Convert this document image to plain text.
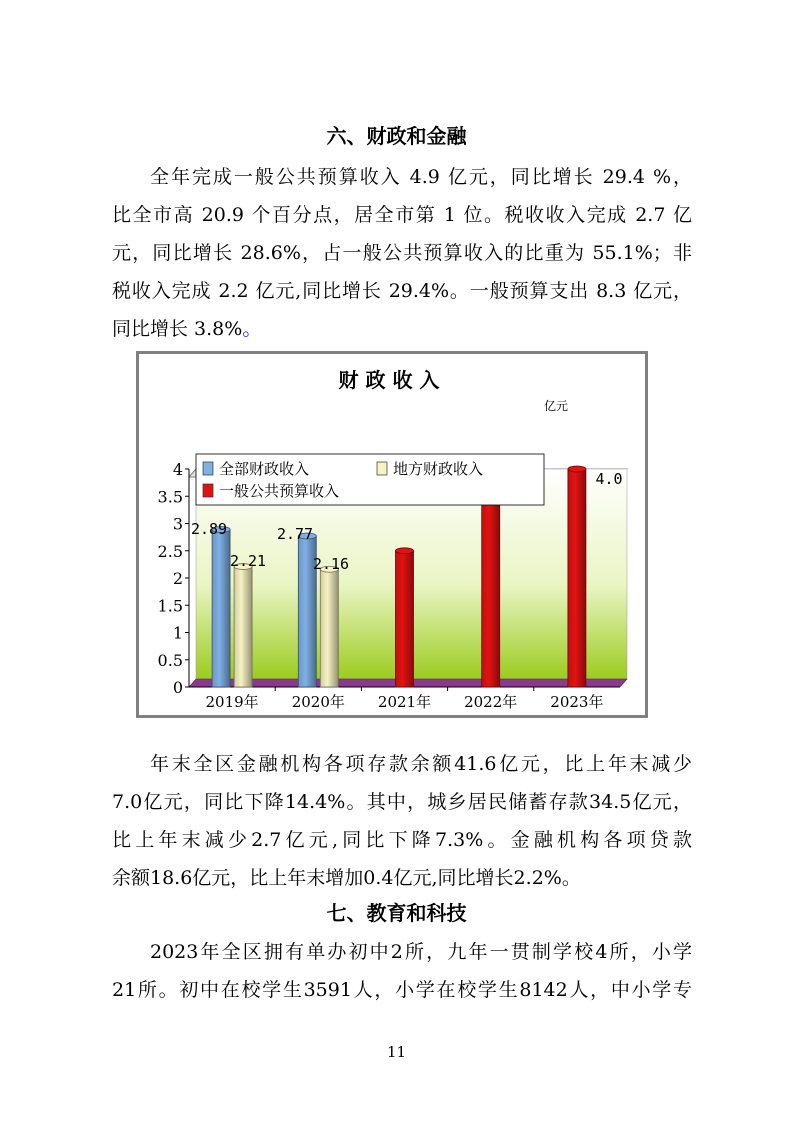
六、财政和金融
全年完成一般公共预算收入 4.9 亿元，同比增长 29.4 %，
比全市高 20.9 个百分点，居全市第 1 位。税收收入完成 2.7 亿
元，同比增长 28.6%，占一般公共预算收入的比重为 55.1%；非
税收入完成 2.2 亿元,同比增长 29.4%。一般预算支出 8.3 亿元，
同比增长 3.8%。
财 政 收 入
亿元
0
0.5
1
1.5
2
2.5
3
3.5
4
2019年 2020年 2021年 2022年 2023年
2.89
2.21
2.77
2.16
4.0
全部财政收入	地方财政收入
一般公共预算收入
年末全区金融机构各项存款余额41.6亿元，比上年末减少
7.0亿元，同比下降14.4%。其中，城乡居民储蓄存款34.5亿元，
比上年末减少2.7亿元,同比下降7.3%。金融机构各项贷款
余额18.6亿元，比上年末增加0.4亿元,同比增长2.2%。
七、教育和科技
2023年全区拥有单办初中2所，九年一贯制学校4所，小学
21所。初中在校学生3591人，小学在校学生8142人，中小学专
11
